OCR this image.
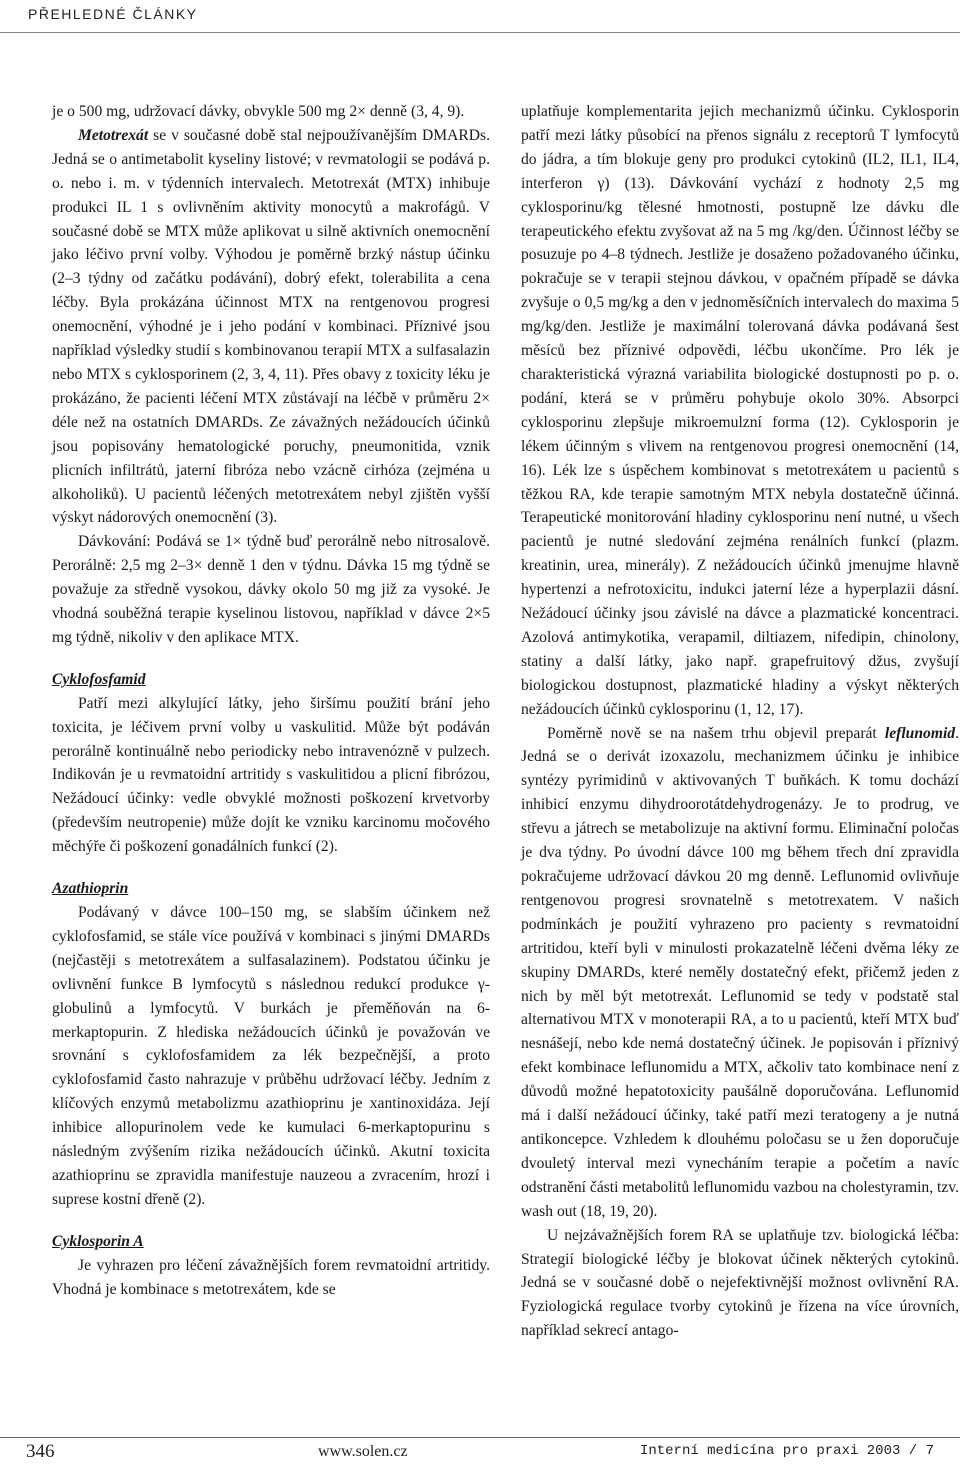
PŘEHLEDNÉ ČLÁNKY

je o 500 mg, udržovací dávky, obvykle 500 mg 2× denně (3, 4, 9).

Metotrexát se v současné době stal nejpoužívanějším DMARDs. Jedná se o antimetabolit kyseliny listové; v revmatologii se podává p. o. nebo i. m. v týdenních intervalech. Metotrexát (MTX) inhibuje produkci IL 1 s ovlivněním aktivity monocytů a makrofágů. V současné době se MTX může aplikovat u silně aktivních onemocnění jako léčivo první volby. Výhodou je poměrně brzký nástup účinku (2–3 týdny od začátku podávání), dobrý efekt, tolerabilita a cena léčby. Byla prokázána účinnost MTX na rentgenovou progresi onemocnění, výhodné je i jeho podání v kombinaci. Příznivé jsou například výsledky studií s kombinovanou terapií MTX a sulfasalazin nebo MTX s cyklosporinem (2, 3, 4, 11). Přes obavy z toxicity léku je prokázáno, že pacienti léčení MTX zůstávají na léčbě v průměru 2× déle než na ostatních DMARDs. Ze závažných nežádoucích účinků jsou popisovány hematologické poruchy, pneumonitida, vznik plicních infiltrátů, jaterní fibróza nebo vzácně cirhóza (zejména u alkoholiků). U pacientů léčených metotrexátem nebyl zjištěn vyšší výskyt nádorových onemocnění (3).

Dávkování: Podává se 1× týdně buď perorálně nebo nitrosalově. Perorálně: 2,5 mg 2–3× denně 1 den v týdnu. Dávka 15 mg týdně se považuje za středně vysokou, dávky okolo 50 mg již za vysoké. Je vhodná souběžná terapie kyselinou listovou, například v dávce 2×5 mg týdně, nikoliv v den aplikace MTX.

Cyklofosfamid

Patří mezi alkylující látky, jeho širšímu použití brání jeho toxicita, je léčivem první volby u vaskulitid. Může být podáván perorálně kontinuálně nebo periodicky nebo intravenózně v pulzech. Indikován je u revmatoidní artritidy s vaskulitidou a plicní fibrózou, Nežádoucí účinky: vedle obvyklé možnosti poškození krvetvorby (především neutropenie) může dojít ke vzniku karcinomu močového měchýře či poškození gonadálních funkcí (2).

Azathioprin

Podávaný v dávce 100–150 mg, se slabším účinkem než cyklofosfamid, se stále více používá v kombinaci s jinými DMARDs (nejčastěji s metotrexátem a sulfasalazinem). Podstatou účinku je ovlivnění funkce B lymfocytů s následnou redukcí produkce γ-globulinů a lymfocytů. V burkách je přeměňován na 6-merkaptopurin. Z hlediska nežádoucích účinků je považován ve srovnání s cyklofosfamidem za lék bezpečnější, a proto cyklofosfamid často nahrazuje v průběhu udržovací léčby. Jedním z klíčových enzymů metabolizmu azathioprinu je xantinoxidáza. Její inhibice allopurinolem vede ke kumulaci 6-merkaptopurinu s následným zvýšením rizika nežádoucích účinků. Akutní toxicita azathioprinu se zpravidla manifestuje nauzeou a zvracením, hrozí i suprese kostní dřeně (2).

Cyklosporin A

Je vyhrazen pro léčení závažnějších forem revmatoidní artritidy. Vhodná je kombinace s metotrexátem, kde se

uplatňuje komplementarita jejich mechanizmů účinku. Cyklosporin patří mezi látky působící na přenos signálu z receptorů T lymfocytů do jádra, a tím blokuje geny pro produkci cytokinů (IL2, IL1, IL4, interferon γ) (13). Dávkování vychází z hodnoty 2,5 mg cyklosporinu/kg tělesné hmotnosti, postupně lze dávku dle terapeutického efektu zvyšovat až na 5 mg /kg/den. Účinnost léčby se posuzuje po 4–8 týdnech. Jestliže je dosaženo požadovaného účinku, pokračuje se v terapii stejnou dávkou, v opačném případě se dávka zvyšuje o 0,5 mg/kg a den v jednoměsíčních intervalech do maxima 5 mg/kg/den. Jestliže je maximální tolerovaná dávka podávaná šest měsíců bez příznivé odpovědi, léčbu ukončíme. Pro lék je charakteristická výrazná variabilita biologické dostupnosti po p. o. podání, která se v průměru pohybuje okolo 30%. Absorpci cyklosporinu zlepšuje mikroemulzní forma (12). Cyklosporin je lékem účinným s vlivem na rentgenovou progresi onemocnění (14, 16). Lék lze s úspěchem kombinovat s metotrexátem u pacientů s těžkou RA, kde terapie samotným MTX nebyla dostatečně účinná. Terapeutické monitorování hladiny cyklosporinu není nutné, u všech pacientů je nutné sledování zejména renálních funkcí (plazm. kreatinin, urea, minerály). Z nežádoucích účinků jmenujme hlavně hypertenzi a nefrotoxicitu, indukci jaterní léze a hyperplazii dásní. Nežádoucí účinky jsou závislé na dávce a plazmatické koncentraci. Azolová antimykotika, verapamil, diltiazem, nifedipin, chinolony, statiny a další látky, jako např. grapefruitový džus, zvyšují biologickou dostupnost, plazmatické hladiny a výskyt některých nežádoucích účinků cyklosporinu (1, 12, 17).

Poměrně nově se na našem trhu objevil preparát leflunomid. Jedná se o derivát izoxazolu, mechanizmem účinku je inhibice syntézy pyrimidinů v aktivovaných T buňkách. K tomu dochází inhibicí enzymu dihydroorotátdehydrogenázy. Je to prodrug, ve střevu a játrech se metabolizuje na aktivní formu. Eliminační poločas je dva týdny. Po úvodní dávce 100 mg během třech dní zpravidla pokračujeme udržovací dávkou 20 mg denně. Leflunomid ovlivňuje rentgenovou progresi srovnatelně s metotrexatem. V našich podmínkách je použití vyhrazeno pro pacienty s revmatoidní artritidou, kteří byli v minulosti prokazatelně léčeni dvěma léky ze skupiny DMARDs, které neměly dostatečný efekt, přičemž jeden z nich by měl být metotrexát. Leflunomid se tedy v podstatě stal alternativou MTX v monoterapii RA, a to u pacientů, kteří MTX buď nesnášejí, nebo kde nemá dostatečný účinek. Je popisován i příznivý efekt kombinace leflunomidu a MTX, ačkoliv tato kombinace není z důvodů možné hepatotoxicity paušálně doporučována. Leflunomid má i další nežádoucí účinky, také patří mezi teratogeny a je nutná antikoncepce. Vzhledem k dlouhému poločasu se u žen doporučuje dvouletý interval mezi vynecháním terapie a početím a navíc odstranění části metabolitů leflunomidu vazbou na cholestyramin, tzv. wash out (18, 19, 20).

U nejzávažnějších forem RA se uplatňuje tzv. biologická léčba: Strategií biologické léčby je blokovat účinek některých cytokinů. Jedná se v současné době o nejefektivnější možnost ovlivnění RA. Fyziologická regulace tvorby cytokinů je řízena na více úrovních, například sekrecí antago-

346	www.solen.cz	Interní medicína pro praxi 2003 / 7
